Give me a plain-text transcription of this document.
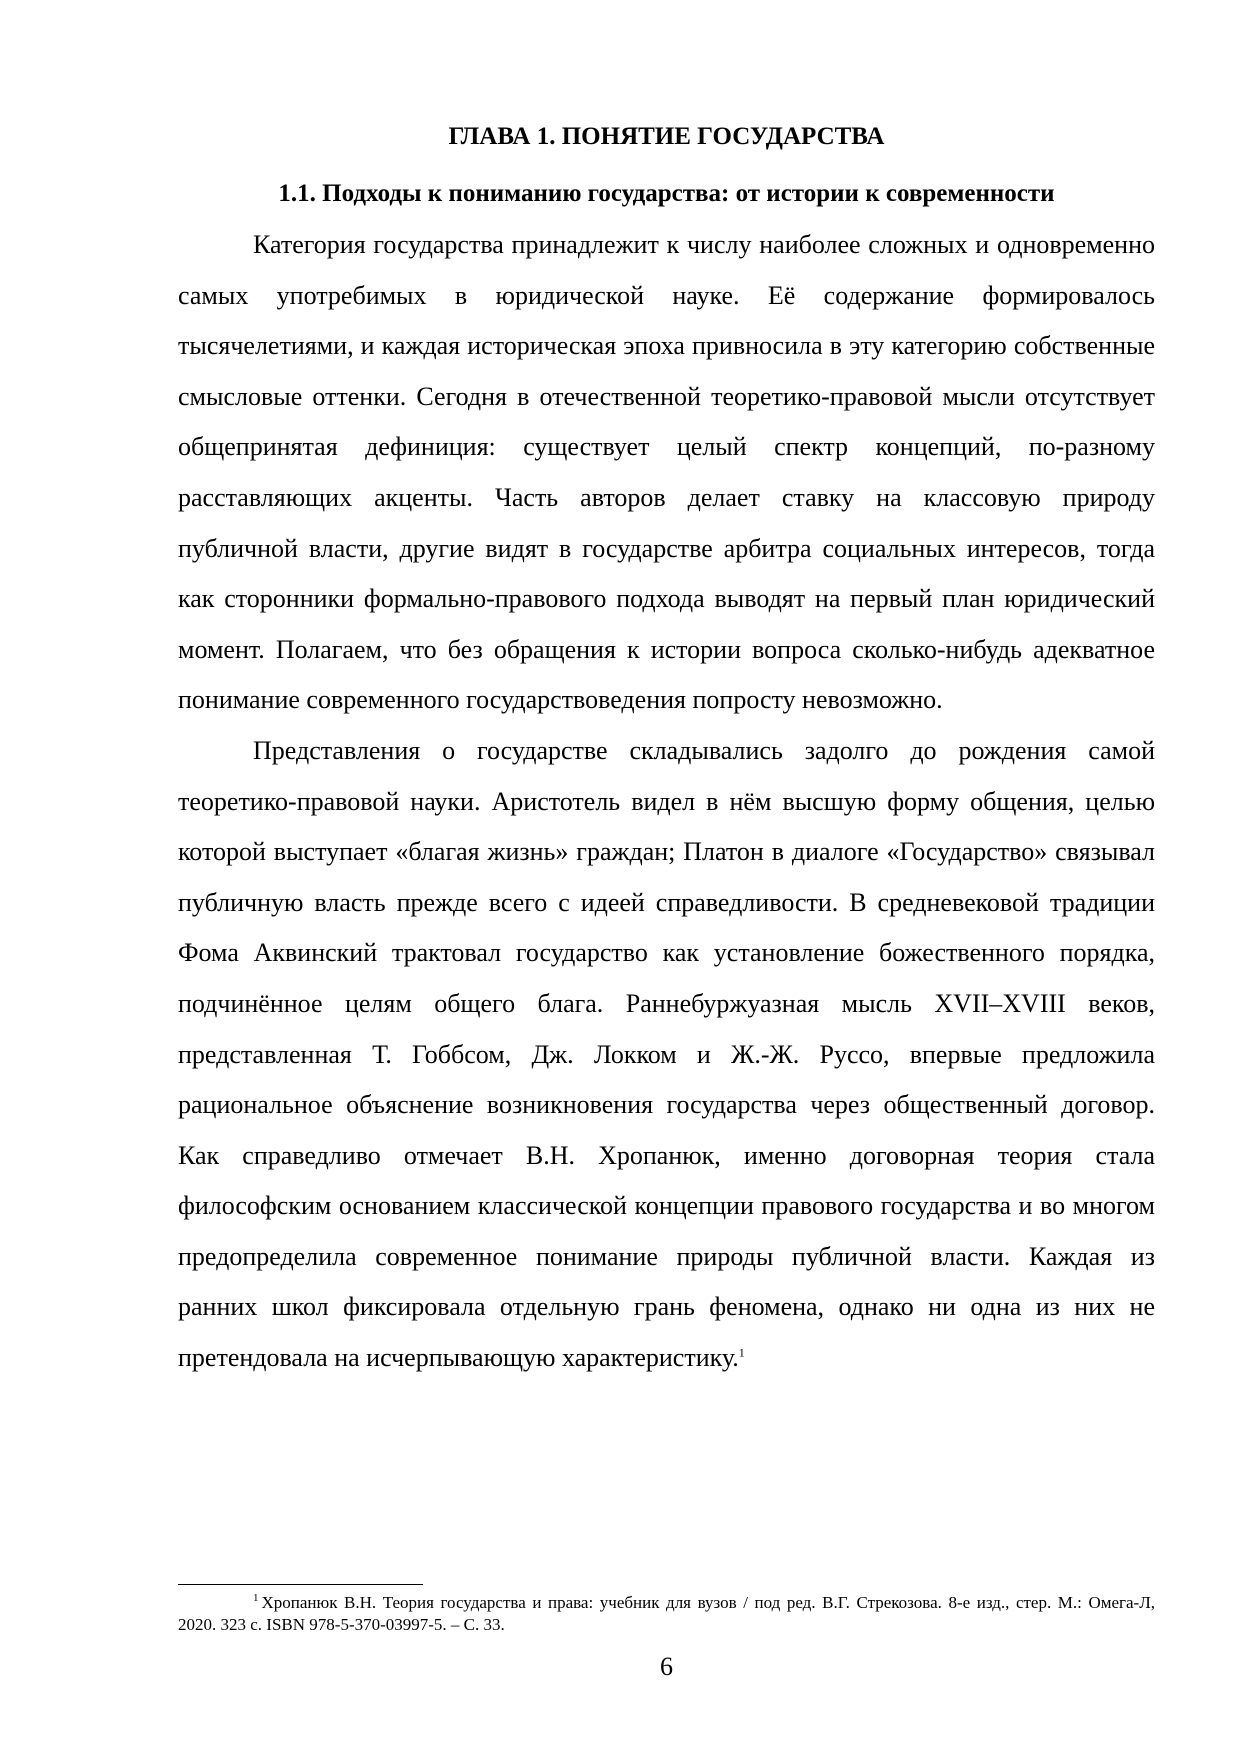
ГЛАВА 1. ПОНЯТИЕ ГОСУДАРСТВА
1.1. Подходы к пониманию государства: от истории к современности

Категория государства принадлежит к числу наиболее сложных и одновременно самых употребимых в юридической науке. Её содержание формировалось тысячелетиями, и каждая историческая эпоха привносила в эту категорию собственные смысловые оттенки. Сегодня в отечественной теоретико-правовой мысли отсутствует общепринятая дефиниция: существует целый спектр концепций, по-разному расставляющих акценты. Часть авторов делает ставку на классовую природу публичной власти, другие видят в государстве арбитра социальных интересов, тогда как сторонники формально-правового подхода выводят на первый план юридический момент. Полагаем, что без обращения к истории вопроса сколько-нибудь адекватное понимание современного государствоведения попросту невозможно.

Представления о государстве складывались задолго до рождения самой теоретико-правовой науки. Аристотель видел в нём высшую форму общения, целью которой выступает «благая жизнь» граждан; Платон в диалоге «Государство» связывал публичную власть прежде всего с идеей справедливости. В средневековой традиции Фома Аквинский трактовал государство как установление божественного порядка, подчинённое целям общего блага. Раннебуржуазная мысль XVII–XVIII веков, представленная Т. Гоббсом, Дж. Локком и Ж.-Ж. Руссо, впервые предложила рациональное объяснение возникновения государства через общественный договор. Как справедливо отмечает В.Н. Хропанюк, именно договорная теория стала философским основанием классической концепции правового государства и во многом предопределила современное понимание природы публичной власти. Каждая из ранних школ фиксировала отдельную грань феномена, однако ни одна из них не претендовала на исчерпывающую характеристику.$^1$

$^1$ Хропанюк В.Н. Теория государства и права: учебник для вузов / под ред. В.Г. Стрекозова. 8-е изд., стер. М.: Омега-Л, 2020. 323 с. ISBN 978-5-370-03997-5. – С. 33.

6
